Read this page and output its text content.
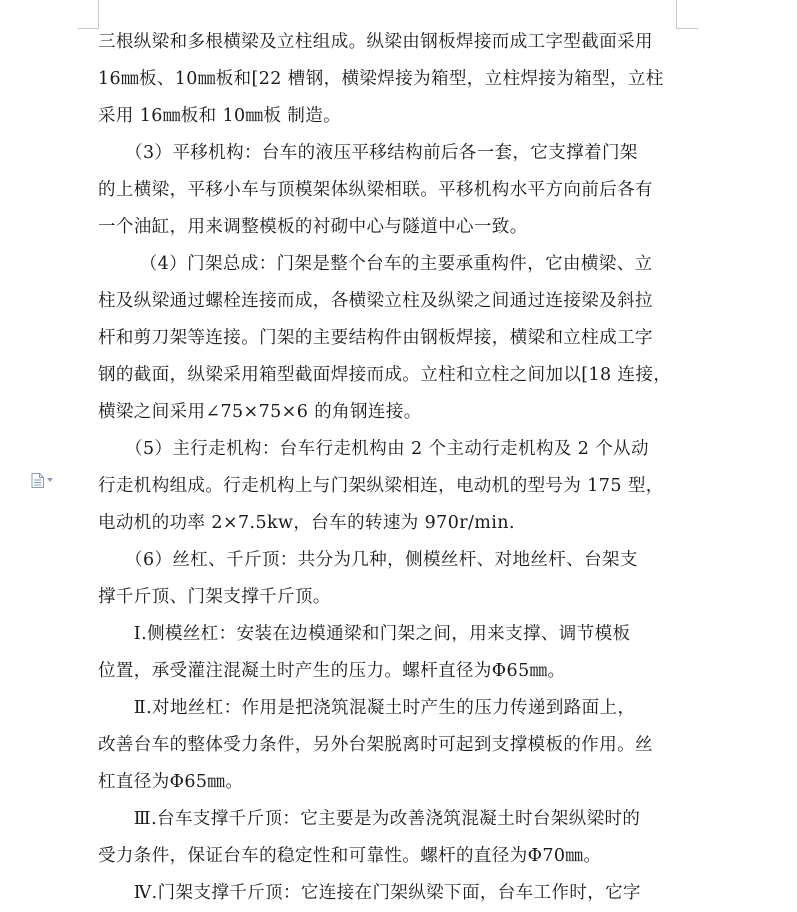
三根纵梁和多根横梁及立柱组成。纵梁由钢板焊接而成工字型截面采用
16㎜板、10㎜板和[22 槽钢，横梁焊接为箱型，立柱焊接为箱型，立柱
采用 16㎜板和 10㎜板 制造。
　　（3）平移机构：台车的液压平移结构前后各一套，它支撑着门架
的上横梁，平移小车与顶模架体纵梁相联。平移机构水平方向前后各有
一个油缸，用来调整模板的衬砌中心与隧道中心一致。
　　 （4）门架总成：门架是整个台车的主要承重构件，它由横梁、立
柱及纵梁通过螺栓连接而成，各横梁立柱及纵梁之间通过连接梁及斜拉
杆和剪刀架等连接。门架的主要结构件由钢板焊接，横梁和立柱成工字
钢的截面，纵梁采用箱型截面焊接而成。立柱和立柱之间加以[18 连接，
横梁之间采用∠75×75×6 的角钢连接。
　　（5）主行走机构：台车行走机构由 2 个主动行走机构及 2 个从动
行走机构组成。行走机构上与门架纵梁相连，电动机的型号为 175 型，
电动机的功率 2×7.5kw，台车的转速为 970r/min.
　　（6）丝杠、千斤顶：共分为几种，侧模丝杆、对地丝杆、台架支
撑千斤顶、门架支撑千斤顶。
　　Ⅰ.侧模丝杠：安装在边模通梁和门架之间，用来支撑、调节模板
位置，承受灌注混凝土时产生的压力。螺杆直径为Φ65㎜。
　　Ⅱ.对地丝杠：作用是把浇筑混凝土时产生的压力传递到路面上，
改善台车的整体受力条件，另外台架脱离时可起到支撑模板的作用。丝
杠直径为Φ65㎜。
　　Ⅲ.台车支撑千斤顶：它主要是为改善浇筑混凝土时台架纵梁时的
受力条件，保证台车的稳定性和可靠性。螺杆的直径为Φ70㎜。
　　Ⅳ.门架支撑千斤顶：它连接在门架纵梁下面，台车工作时，它字
